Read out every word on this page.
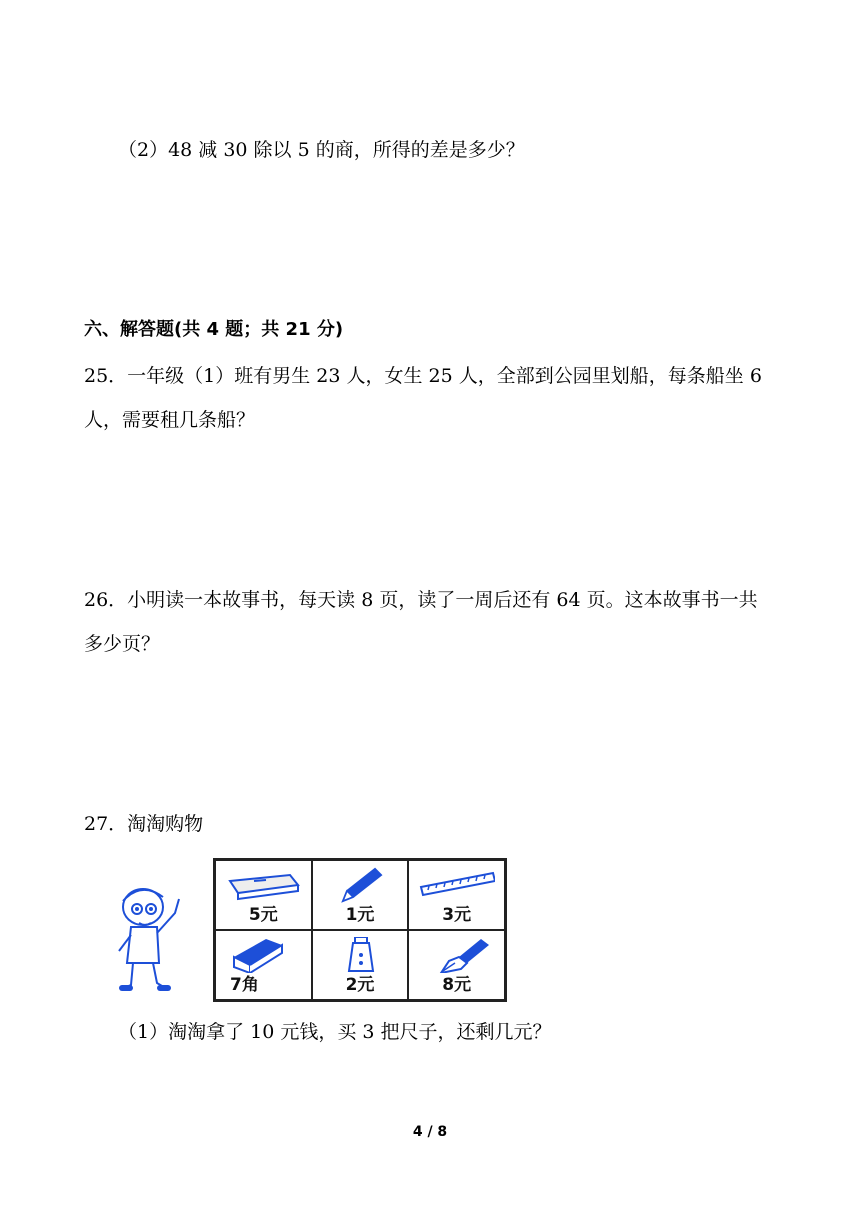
（2）48 减 30 除以 5 的商，所得的差是多少？
六、解答题(共 4 题；共 21 分)
25．一年级（1）班有男生 23 人，女生 25 人，全部到公园里划船，每条船坐 6
人，需要租几条船？
26．小明读一本故事书，每天读 8 页，读了一周后还有 64 页。这本故事书一共
多少页？
27．淘淘购物
5元	1元	3元
7角	2元	8元
（1）淘淘拿了 10 元钱，买 3 把尺子，还剩几元？
4 / 8
